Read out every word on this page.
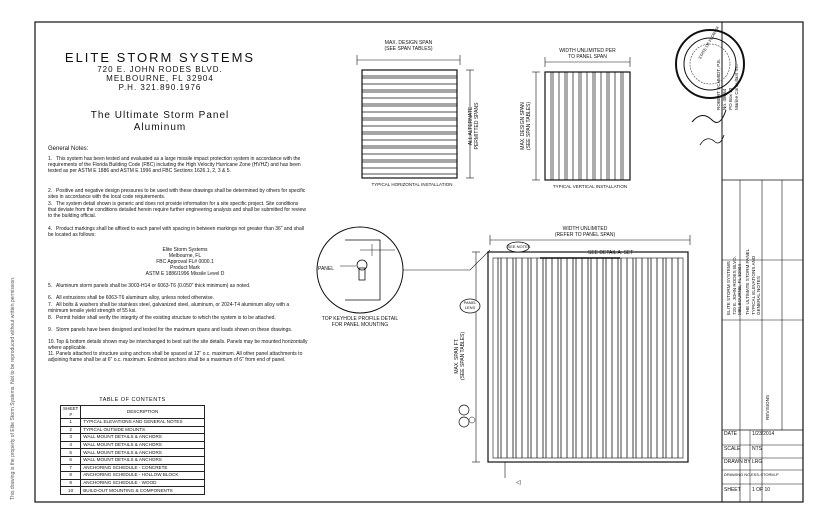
◁
This drawing is the property of Elite Storm Systems. Not to be reproduced without written permission.
ELITE STORM SYSTEMS
720 E. JOHN RODES BLVD.
MELBOURNE, FL 32904
P.H. 321.890.1976
The Ultimate Storm Panel
Aluminum
General Notes:
1. This system has been tested and evaluated as a large missile impact protection system in accordance with the requirements of the Florida Building Code (FBC) including the High Velocity Hurricane Zone (HVHZ) and has been tested as per ASTM E 1886 and ASTM E 1996 and FBC Sections 1626.1, 2, 3 & 5.
2. Positive and negative design pressures to be used with these drawings shall be determined by others for specific sites in accordance with the local code requirements.
3. The system detail shown is generic and does not provide information for a site specific project. Site conditions that deviate from the conditions detailed herein require further engineering analysis and shall be submitted for review to the building official.
4. Product markings shall be affixed to each panel with spacing in between markings not greater than 36" and shall be located as follows:
Elite Storm Systems
Melbourne, FL
FBC Approval FL# 0000.1
Product Mark
ASTM E 1886/1996 Missile Level D
5. Aluminum storm panels shall be 3003-H14 or 6063-T6 (0.050" thick minimum) as noted.
6. All extrusions shall be 6063-T6 aluminum alloy, unless noted otherwise.
7. All bolts & washers shall be stainless steel, galvanized steel, aluminum, or 2024-T4 aluminum alloy with a minimum tensile yield strength of 55 ksi.
8. Permit holder shall verify the integrity of the existing structure to which the system is to be attached.
9. Storm panels have been designed and tested for the maximum spans and loads shown on these drawings.
10.Top & bottom details shown may be interchanged to best suit the site details. Panels may be mounted horizontally where applicable.
11.Panels attached to structure using anchors shall be spaced at 12" o.c. maximum. All other panel attachments to adjoining frame shall be at 6" o.c. maximum. Endmost anchors shall be a maximum of 6" from end of panel.
TABLE OF CONTENTS
SHEET #	DESCRIPTION
1	TYPICAL ELEVATIONS AND GENERAL NOTES
2	TYPICAL OUTSIDE MOUNTS
3	WALL MOUNT DETAILS & ANCHORS
4	WALL MOUNT DETAILS & ANCHORS
5	WALL MOUNT DETAILS & ANCHORS
6	WALL MOUNT DETAILS & ANCHORS
7	ANCHORING SCHEDULE - CONCRETE
8	ANCHORING SCHEDULE - HOLLOW BLOCK
9	ANCHORING SCHEDULE - WOOD
10	BUILD-OUT MOUNTING & COMPONENTS
MAX. DESIGN SPAN
(SEE SPAN TABLES)
ALL ALTERNATE PERMITTED SPANS
TYPICAL HORIZONTAL INSTALLATION
WIDTH UNLIMITED PER
TO PANEL SPAN
MAX. DESIGN SPAN (SEE SPAN TABLES)
TYPICAL VERTICAL INSTALLATION
PANEL
TOP KEYHOLE PROFILE DETAIL
FOR PANEL MOUNTING
WIDTH UNLIMITED
(REFER TO PANEL SPAN)
SEE DETAIL A. SET
SEE NOTES
PANEL
LENS
MAX. SPAN FT. (SEE SPAN TABLES)
STATE OF FLORIDA
ROBERT SCHMIDT, P.E. No. 48064 PO Box 10 Marine Consultant Inc.
ELITE STORM SYSTEMS 720 E. JOHN RODES BLVD. MELBOURNE, FL 32904 THE ULTIMATE STORM PANEL TYPICAL ELEVATIONS AND GENERAL NOTES
REVISIONS
DATE	1/23/2014
SCALE NTS
DRAWN BY LRG
DRAWING NO. ESS-STORM-P
SHEET 1 OF 10
